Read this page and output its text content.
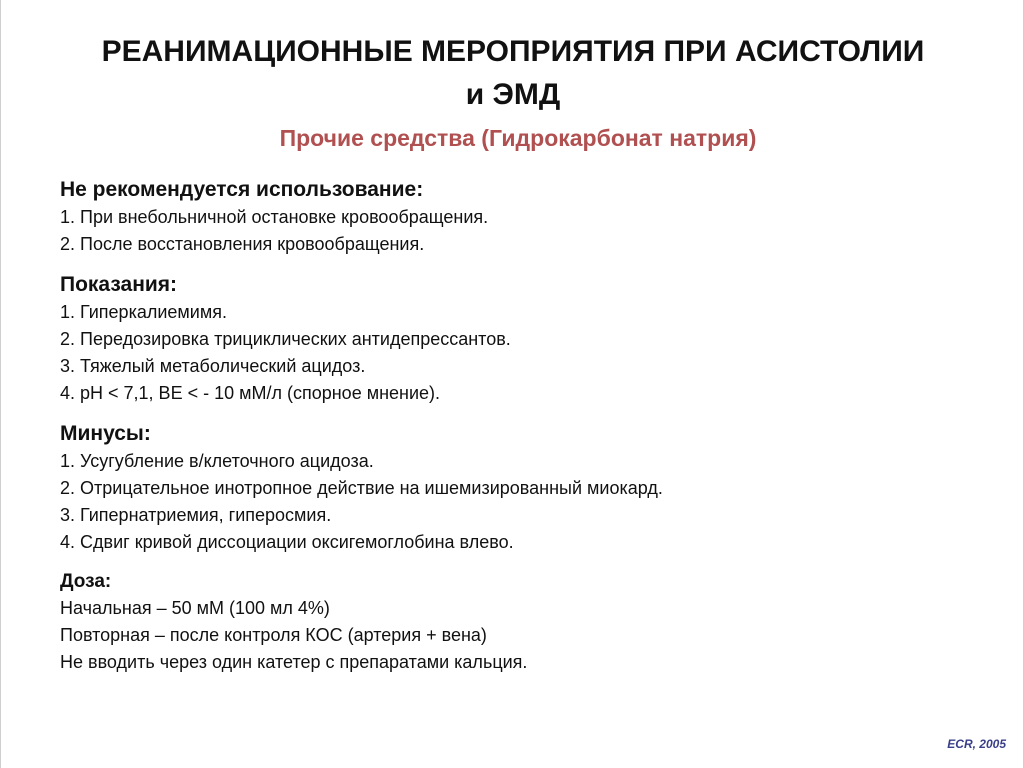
РЕАНИМАЦИОННЫЕ МЕРОПРИЯТИЯ ПРИ АСИСТОЛИИ
и ЭМД
Прочие средства (Гидрокарбонат натрия)
Не рекомендуется использование:
1. При внебольничной остановке кровообращения.
2. После восстановления кровообращения.
Показания:
1. Гиперкалиемимя.
2. Передозировка трициклических антидепрессантов.
3. Тяжелый метаболический ацидоз.
4. pH < 7,1, BE < - 10 мМ/л (спорное мнение).
Минусы:
1. Усугубление в/клеточного ацидоза.
2. Отрицательное инотропное действие на ишемизированный миокард.
3. Гипернатриемия, гиперосмия.
4. Сдвиг кривой диссоциации оксигемоглобина влево.
Доза:
Начальная – 50 мМ (100 мл 4%)
Повторная – после контроля КОС (артерия + вена)
Не вводить через один катетер с препаратами кальция.
ECR, 2005
